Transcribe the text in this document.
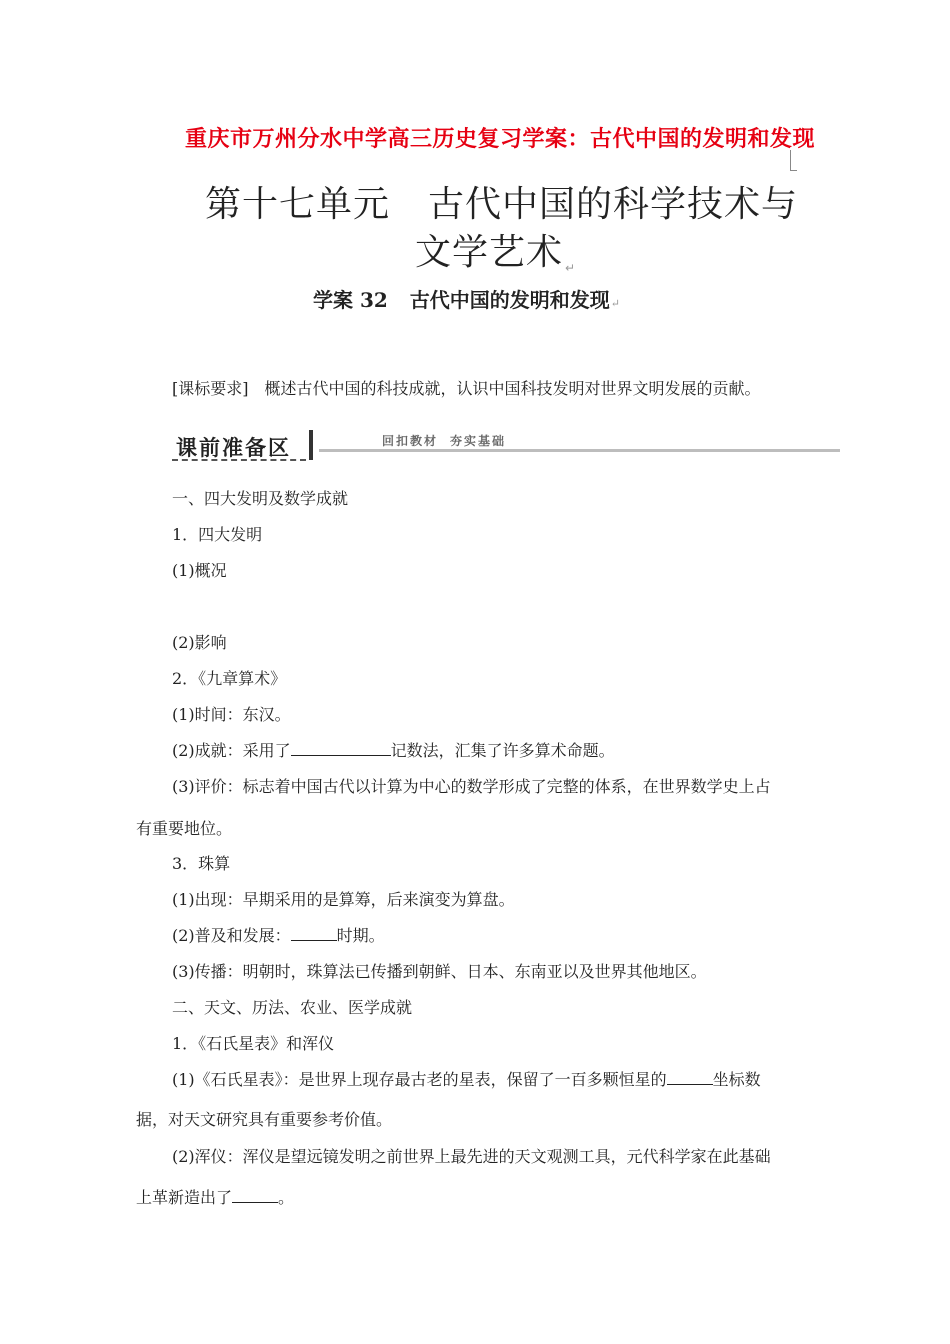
重庆市万州分水中学高三历史复习学案：古代中国的发明和发现
第十七单元 古代中国的科学技术与
文学艺术 ↵
学案 32 古代中国的发明和发现↵
[课标要求] 概述古代中国的科技成就，认识中国科技发明对世界文明发展的贡献。
课前准备区	回扣教材 夯实基础
一、四大发明及数学成就
1．四大发明
(1)概况
(2)影响
2．《九章算术》
(1)时间：东汉。
(2)成就：采用了	记数法，汇集了许多算术命题。
(3)评价：标志着中国古代以计算为中心的数学形成了完整的体系，在世界数学史上占
有重要地位。
3．珠算
(1)出现：早期采用的是算筹，后来演变为算盘。
(2)普及和发展：	时期。
(3)传播：明朝时，珠算法已传播到朝鲜、日本、东南亚以及世界其他地区。
二、天文、历法、农业、医学成就
1．《石氏星表》和浑仪
(1)《石氏星表》：是世界上现存最古老的星表，保留了一百多颗恒星的	坐标数
据，对天文研究具有重要参考价值。
(2)浑仪：浑仪是望远镜发明之前世界上最先进的天文观测工具，元代科学家在此基础
上革新造出了	。
